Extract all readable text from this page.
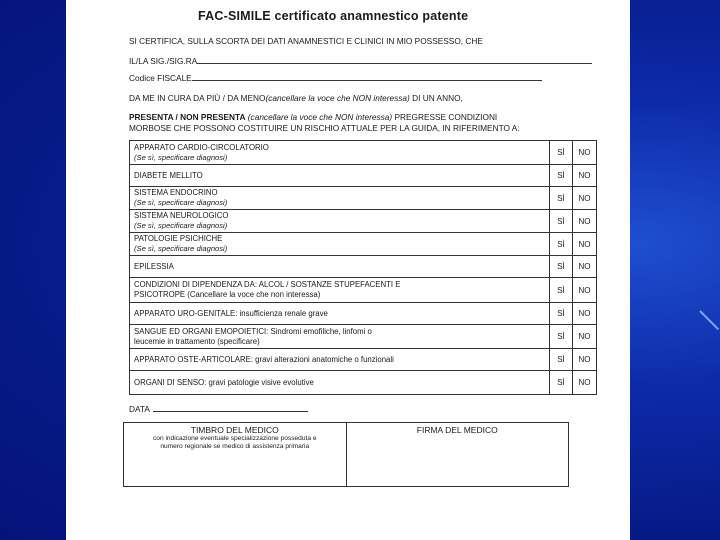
FAC-SIMILE certificato anamnestico patente
SI CERTIFICA, SULLA SCORTA DEI DATI ANAMNESTICI E CLINICI IN MIO POSSESSO, CHE
IL/LA SIG./SIG.RA
Codice FISCALE
DA ME IN CURA DA PIÙ / DA MENO(cancellare la voce che NON interessa) DI UN ANNO,
PRESENTA / NON PRESENTA (cancellare la voce che NON interessa) PREGRESSE CONDIZIONI
MORBOSE CHE POSSONO COSTITUIRE UN RISCHIO ATTUALE PER LA GUIDA, IN RIFERIMENTO A:
APPARATO CARDIO-CIRCOLATORIO
(Se sì, specificare diagnosi)	SÌ	NO
DIABETE MELLITO	SÌ	NO
SISTEMA ENDOCRINO
(Se sì, specificare diagnosi)	SÌ	NO
SISTEMA NEUROLOGICO
(Se sì, specificare diagnosi)	SÌ	NO
PATOLOGIE PSICHICHE
(Se sì, specificare diagnosi)	SÌ	NO
EPILESSIA	SÌ	NO
CONDIZIONI DI DIPENDENZA DA: ALCOL / SOSTANZE STUPEFACENTI E
PSICOTROPE (Cancellare la voce che non interessa)	SÌ	NO
APPARATO URO-GENITALE: insufficienza renale grave	SÌ	NO
SANGUE ED ORGANI EMOPOIETICI: Sindromi emofiliche, linfomi o
leucemie in trattamento (specificare)	SÌ	NO
APPARATO OSTE-ARTICOLARE: gravi alterazioni anatomiche o funzionali	SÌ	NO
ORGANI DI SENSO: gravi patologie visive evolutive	SÌ	NO
DATA
TIMBRO DEL MEDICO
con indicazione eventuale specializzazione posseduta e
numero regionale se medico di assistenza primaria
FIRMA DEL MEDICO
